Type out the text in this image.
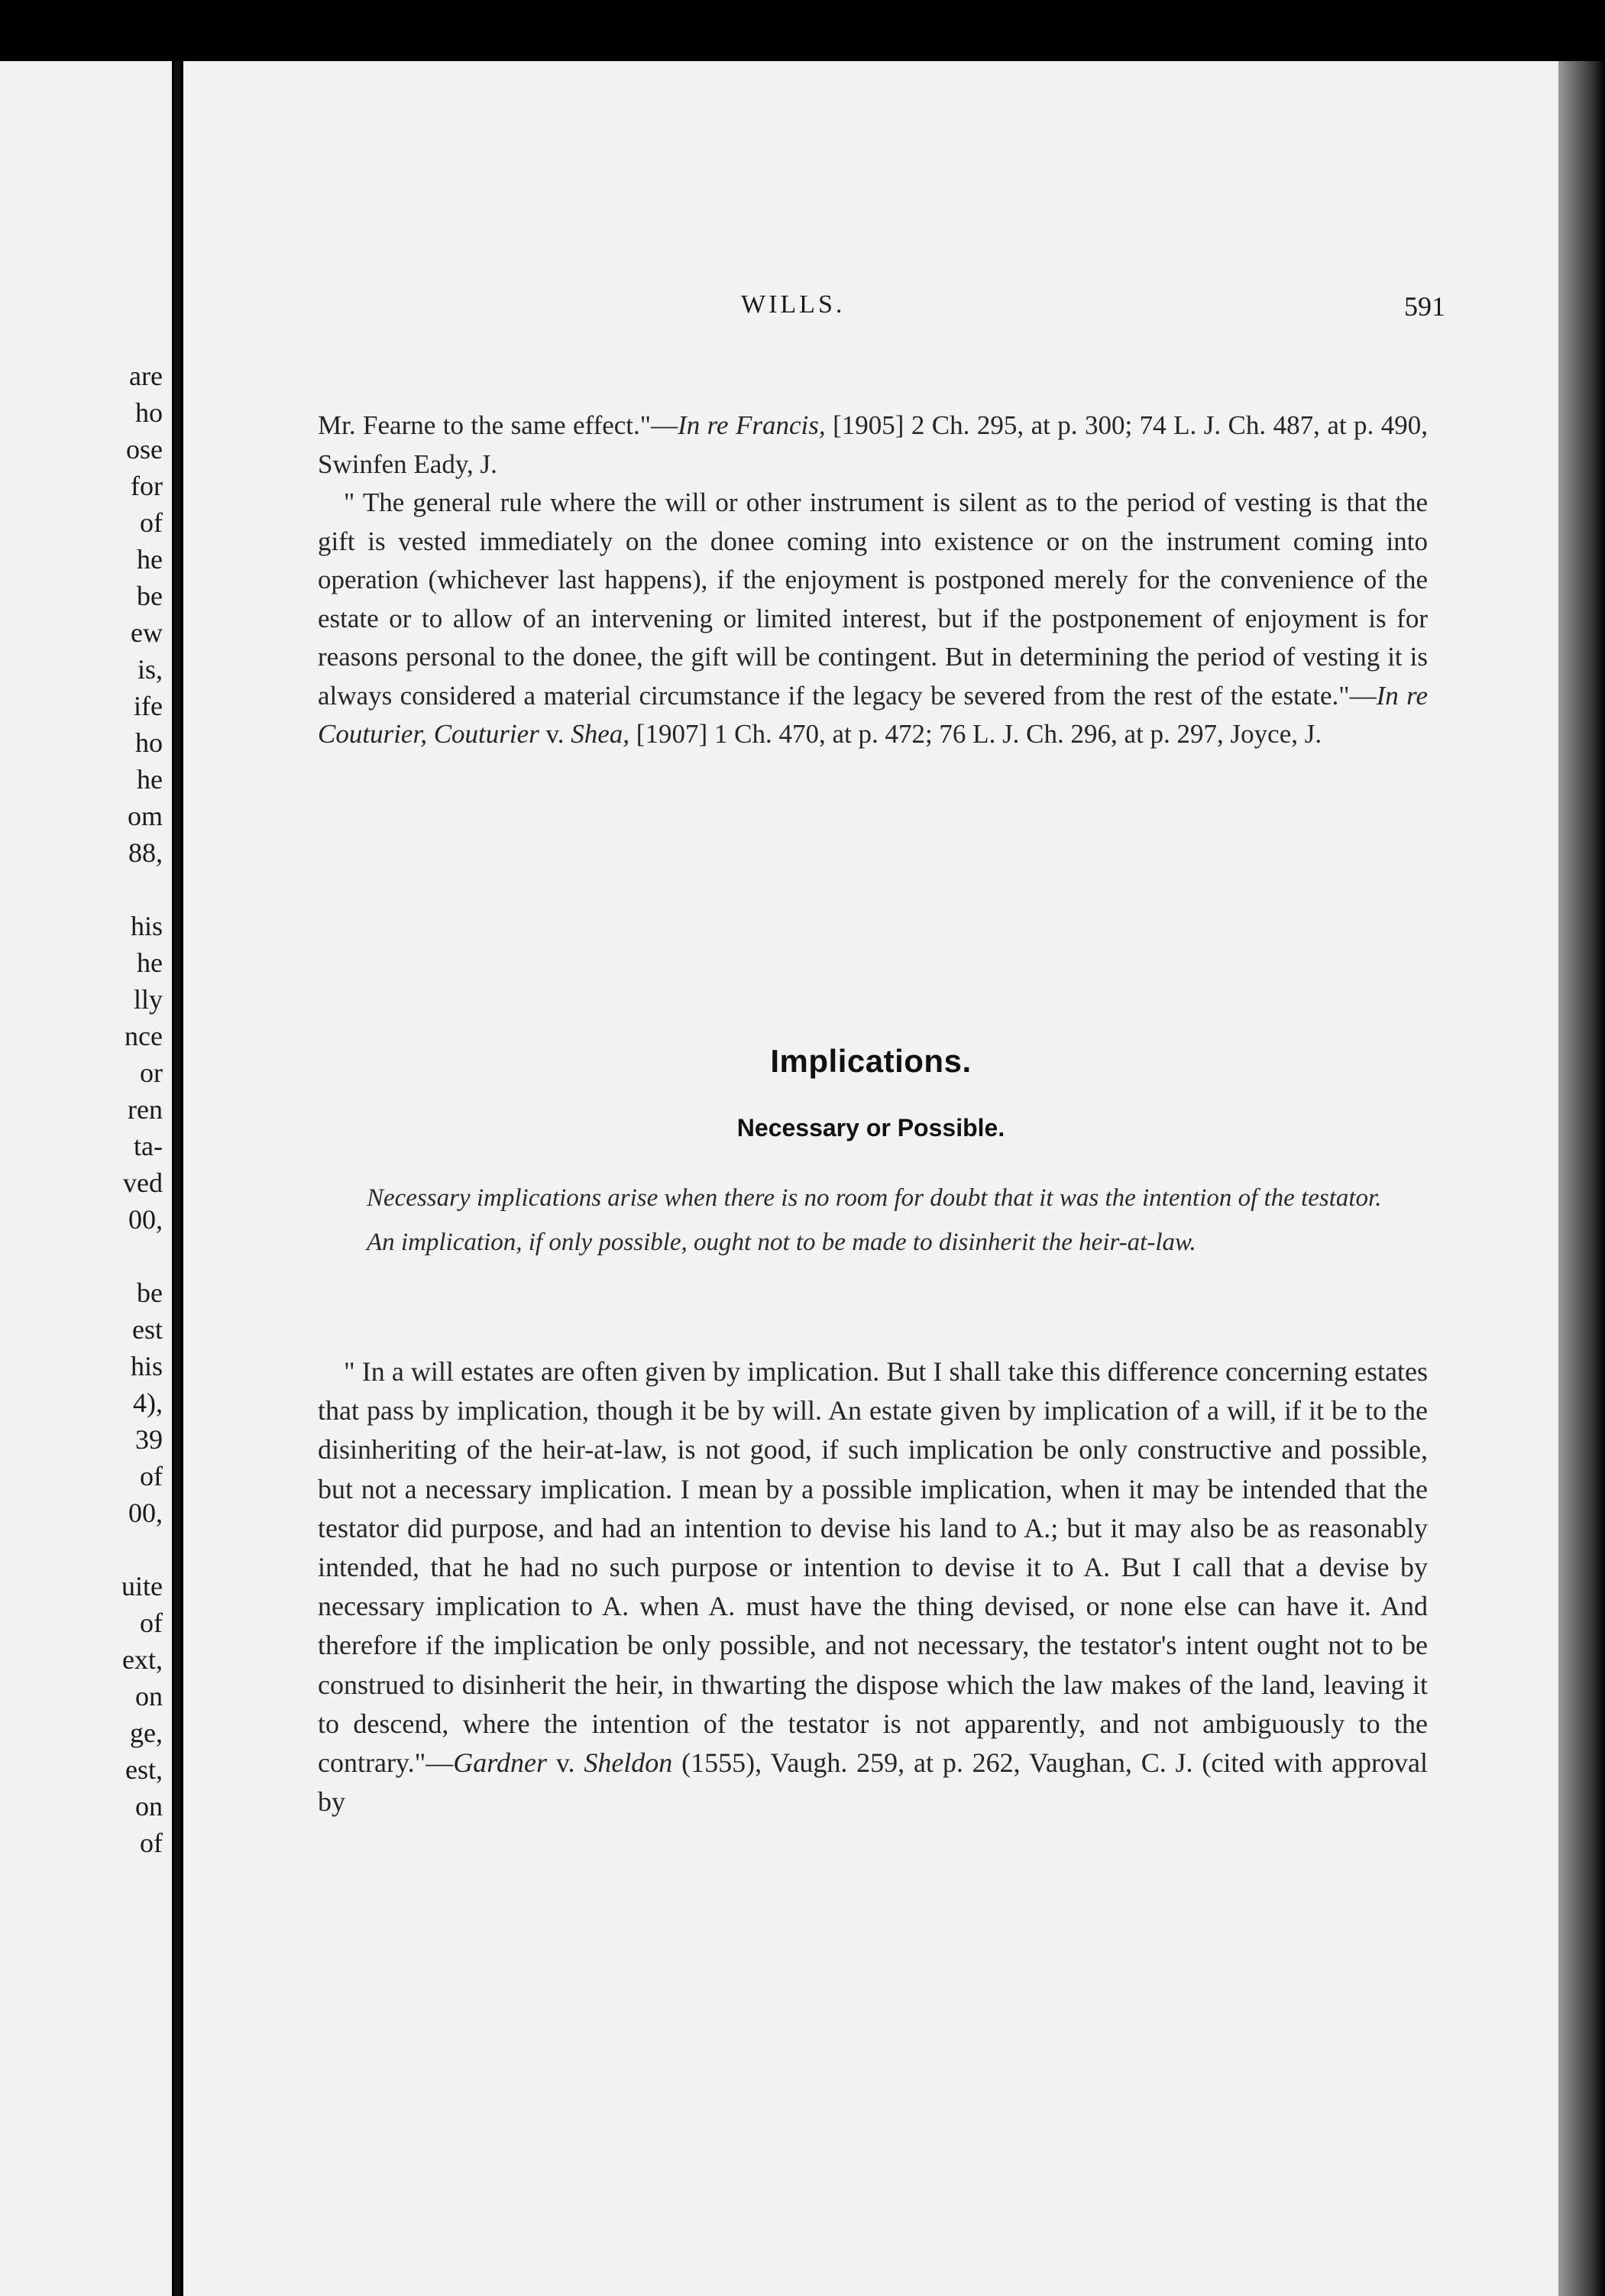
are
ho
ose
for
of
he
be
ew
is,
ife
ho
he
om
88,
his
he
lly
nce
or
ren
ta-
ved
00,
be
est
his
4),
39
of
00,
uite
of
ext,
on
ge,
est,
on
of
WILLS.	591

Mr. Fearne to the same effect."—In re Francis, [1905] 2 Ch. 295, at p. 300; 74 L. J. Ch. 487, at p. 490, Swinfen Eady, J.

" The general rule where the will or other instrument is silent as to the period of vesting is that the gift is vested immediately on the donee coming into existence or on the instrument coming into operation (whichever last happens), if the enjoyment is postponed merely for the convenience of the estate or to allow of an intervening or limited interest, but if the postponement of enjoyment is for reasons personal to the donee, the gift will be contingent. But in determining the period of vesting it is always considered a material circumstance if the legacy be severed from the rest of the estate."—In re Couturier, Couturier v. Shea, [1907] 1 Ch. 470, at p. 472; 76 L. J. Ch. 296, at p. 297, Joyce, J.

Implications.
Necessary or Possible.
Necessary implications arise when there is no room for doubt that it was the intention of the testator.
An implication, if only possible, ought not to be made to disinherit the heir-at-law.
" In a will estates are often given by implication. But I shall take this difference concerning estates that pass by implication, though it be by will. An estate given by implication of a will, if it be to the disinheriting of the heir-at-law, is not good, if such implication be only constructive and possible, but not a necessary implication. I mean by a possible implication, when it may be intended that the testator did purpose, and had an intention to devise his land to A.; but it may also be as reasonably intended, that he had no such purpose or intention to devise it to A. But I call that a devise by necessary implication to A. when A. must have the thing devised, or none else can have it. And therefore if the implication be only possible, and not necessary, the testator's intent ought not to be construed to disinherit the heir, in thwarting the dispose which the law makes of the land, leaving it to descend, where the intention of the testator is not apparently, and not ambiguously to the contrary."—Gardner v. Sheldon (1555), Vaugh. 259, at p. 262, Vaughan, C. J. (cited with approval by
